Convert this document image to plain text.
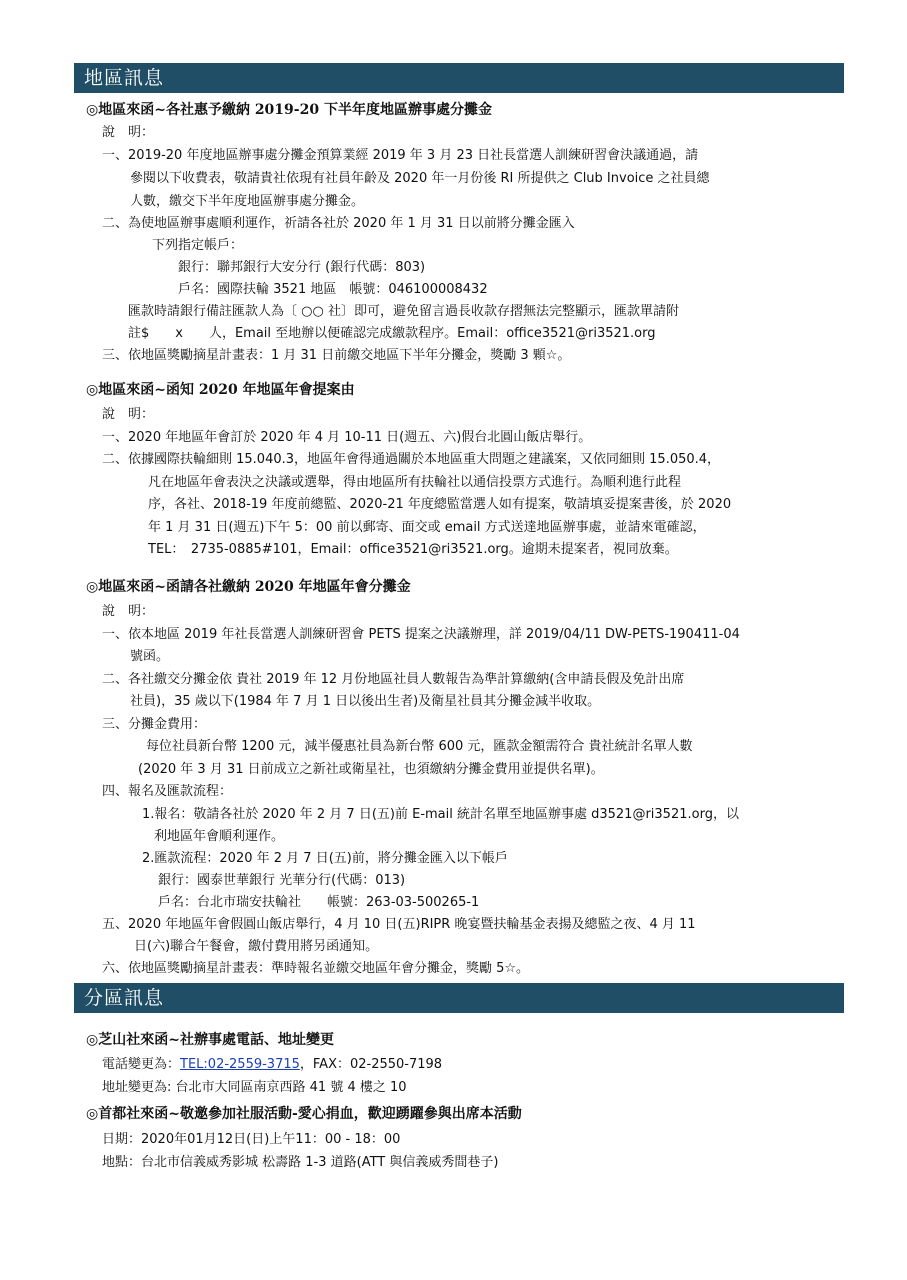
地區訊息
◎地區來函~各社惠予繳納 2019-20 下半年度地區辦事處分攤金
說　明：
一、2019-20 年度地區辦事處分攤金預算業經 2019 年 3 月 23 日社長當選人訓練研習會決議通過，請
參閱以下收費表，敬請貴社依現有社員年齡及 2020 年一月份後 RI 所提供之 Club Invoice 之社員總
人數，繳交下半年度地區辦事處分攤金。
二、為使地區辦事處順利運作，祈請各社於 2020 年 1 月 31 日以前將分攤金匯入
下列指定帳戶：
銀行：聯邦銀行大安分行 (銀行代碼：803)
戶名：國際扶輪 3521 地區　帳號：046100008432
匯款時請銀行備註匯款人為〔 ○○ 社〕即可，避免留言過長收款存摺無法完整顯示，匯款單請附
註$　　x　　人，Email 至地辦以便確認完成繳款程序。Email：office3521@ri3521.org
三、依地區獎勵摘星計畫表：1 月 31 日前繳交地區下半年分攤金，獎勵 3 顆☆。
◎地區來函~函知 2020 年地區年會提案由
說　明：
一、2020 年地區年會訂於 2020 年 4 月 10-11 日(週五、六)假台北圓山飯店舉行。
二、依據國際扶輪細則 15.040.3，地區年會得通過關於本地區重大問題之建議案，又依同細則 15.050.4，
凡在地區年會表決之決議或選舉，得由地區所有扶輪社以通信投票方式進行。為順利進行此程
序，各社、2018-19 年度前總監、2020-21 年度總監當選人如有提案，敬請填妥提案書後，於 2020
年 1 月 31 日(週五)下午 5：00 前以郵寄、面交或 email 方式送達地區辦事處，並請來電確認，
TEL：　2735-0885#101，Email：office3521@ri3521.org。逾期未提案者，視同放棄。
◎地區來函~函請各社繳納 2020 年地區年會分攤金
說　明：
一、依本地區 2019 年社長當選人訓練研習會 PETS 提案之決議辦理，詳 2019/04/11 DW-PETS-190411-04
號函。
二、各社繳交分攤金依 貴社 2019 年 12 月份地區社員人數報告為準計算繳納(含申請長假及免計出席
社員)，35 歲以下(1984 年 7 月 1 日以後出生者)及衛星社員其分攤金減半收取。
三、分攤金費用：
每位社員新台幣 1200 元，減半優惠社員為新台幣 600 元，匯款金額需符合 貴社統計名單人數
(2020 年 3 月 31 日前成立之新社或衛星社，也須繳納分攤金費用並提供名單)。
四、報名及匯款流程：
1.報名：敬請各社於 2020 年 2 月 7 日(五)前 E-mail 統計名單至地區辦事處 d3521@ri3521.org，以
利地區年會順利運作。
2.匯款流程：2020 年 2 月 7 日(五)前，將分攤金匯入以下帳戶
銀行：國泰世華銀行 光華分行(代碼：013)
戶名：台北市瑞安扶輪社　　帳號：263-03-500265-1
五、2020 年地區年會假圓山飯店舉行，4 月 10 日(五)RIPR 晚宴暨扶輪基金表揚及總監之夜、4 月 11
日(六)聯合午餐會，繳付費用將另函通知。
六、依地區獎勵摘星計畫表：準時報名並繳交地區年會分攤金，獎勵 5☆。
分區訊息
◎芝山社來函~社辦事處電話、地址變更
電話變更為：TEL:02-2559-3715，FAX：02-2550-7198
地址變更為: 台北市大同區南京西路 41 號 4 樓之 10
◎首都社來函~敬邀參加社服活動-愛心捐血，歡迎踴躍參與出席本活動
日期：2020年01月12日(日)上午11：00 - 18：00
地點：台北市信義威秀影城 松壽路 1-3 道路(ATT 與信義威秀間巷子)
